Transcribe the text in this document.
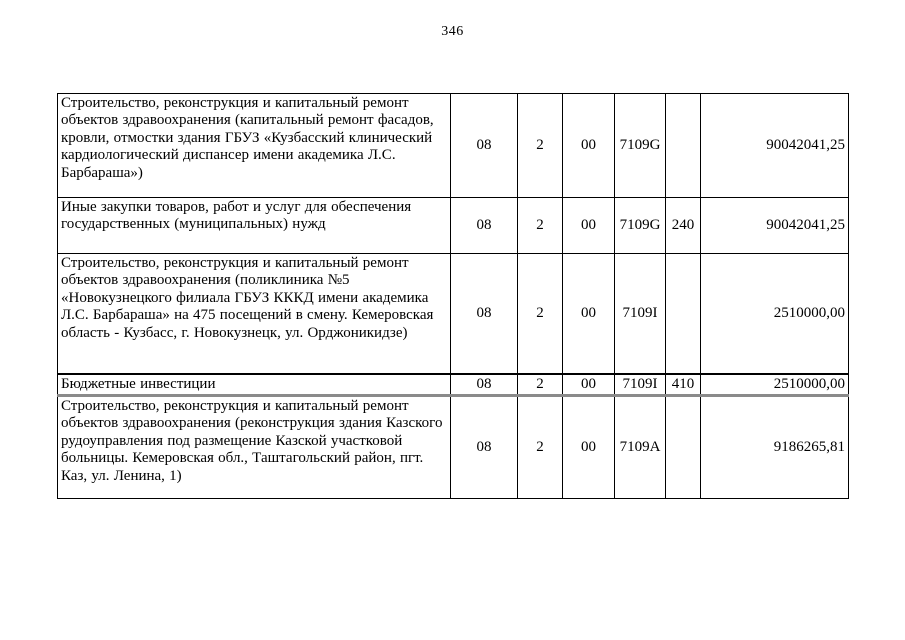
346
Строительство, реконструкция и капитальный ремонт объектов здравоохранения (капитальный ремонт фасадов, кровли, отмостки здания ГБУЗ «Кузбасский клинический кардиологический диспансер имени академика Л.С. Барбараша»)	08	2	00	7109G		90042041,25
Иные закупки товаров, работ и услуг для обеспечения государственных (муниципальных) нужд	08	2	00	7109G	240	90042041,25
Строительство, реконструкция и капитальный ремонт объектов здравоохранения (поликлиника №5 «Новокузнецкого филиала ГБУЗ КККД имени академика Л.С. Барбараша» на 475 посещений в смену. Кемеровская область - Кузбасс, г. Новокузнецк, ул. Орджоникидзе)	08	2	00	7109I		2510000,00
Бюджетные инвестиции	08	2	00	7109I	410	2510000,00
Строительство, реконструкция и капитальный ремонт объектов здравоохранения (реконструкция здания Казского рудоуправления под размещение Казской участковой больницы. Кемеровская обл., Таштагольский район, пгт. Каз, ул. Ленина, 1)	08	2	00	7109A		9186265,81
